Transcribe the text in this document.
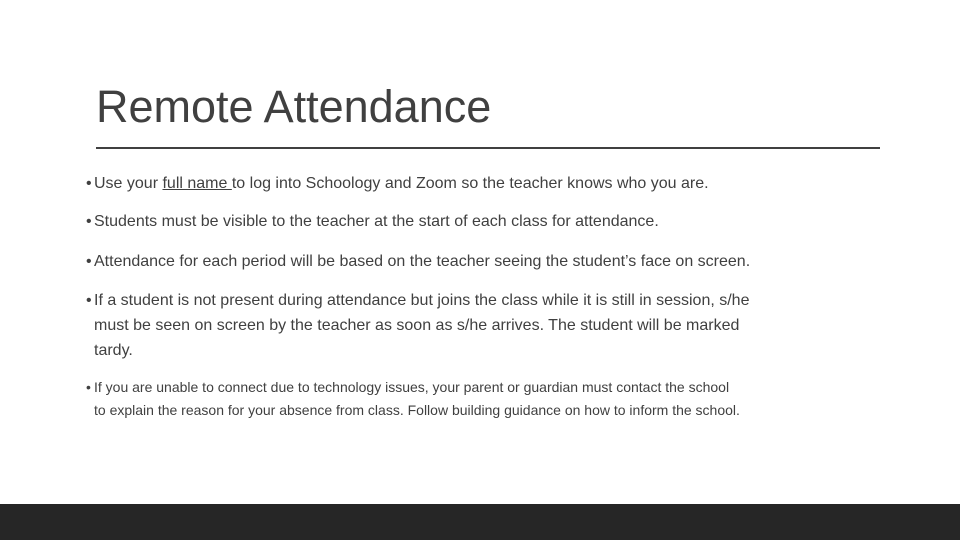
Remote Attendance

• Use your full name to log into Schoology and Zoom so the teacher knows who you are.

• Students must be visible to the teacher at the start of each class for attendance.

• Attendance for each period will be based on the teacher seeing the student’s face on screen.

• If a student is not present during attendance but joins the class while it is still in session, s/he
must be seen on screen by the teacher as soon as s/he arrives. The student will be marked
tardy.

• If you are unable to connect due to technology issues, your parent or guardian must contact the school
to explain the reason for your absence from class. Follow building guidance on how to inform the school.
